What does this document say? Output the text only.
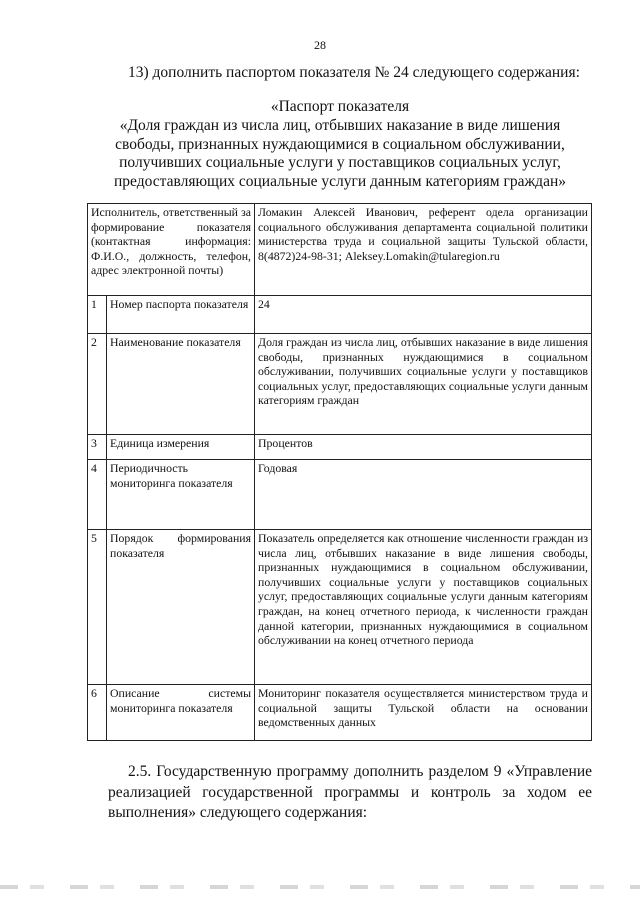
28
13) дополнить паспортом показателя № 24 следующего содержания:
«Паспорт показателя
«Доля граждан из числа лиц, отбывших наказание в виде лишения свободы, признанных нуждающимися в социальном обслуживании, получивших социальные услуги у поставщиков социальных услуг, предоставляющих социальные услуги данным категориям граждан»
Исполнитель, ответственный за формирование показателя (контактная информация: Ф.И.О., должность, телефон, адрес электронной почты)		Ломакин Алексей Иванович, референт одела организации социального обслуживания департамента социальной политики министерства труда и социальной защиты Тульской области, 8(4872)24-98-31; Aleksey.Lomakin@tularegion.ru
1	Номер паспорта показателя	24
2	Наименование показателя	Доля граждан из числа лиц, отбывших наказание в виде лишения свободы, признанных нуждающимися в социальном обслуживании, получивших социальные услуги у поставщиков социальных услуг, предоставляющих социальные услуги данным категориям граждан
3	Единица измерения	Процентов
4	Периодичность мониторинга показателя	Годовая
5	Порядок формирования показателя	Показатель определяется как отношение численности граждан из числа лиц, отбывших наказание в виде лишения свободы, признанных нуждающимися в социальном обслуживании, получивших социальные услуги у поставщиков социальных услуг, предоставляющих социальные услуги данным категориям граждан, на конец отчетного периода, к численности граждан данной категории, признанных нуждающимися в социальном обслуживании на конец отчетного периода
6	Описание системы мониторинга показателя	Мониторинг показателя осуществляется министерством труда и социальной защиты Тульской области на основании ведомственных данных
2.5. Государственную программу дополнить разделом 9 «Управление реализацией государственной программы и контроль за ходом ее выполнения» следующего содержания:
